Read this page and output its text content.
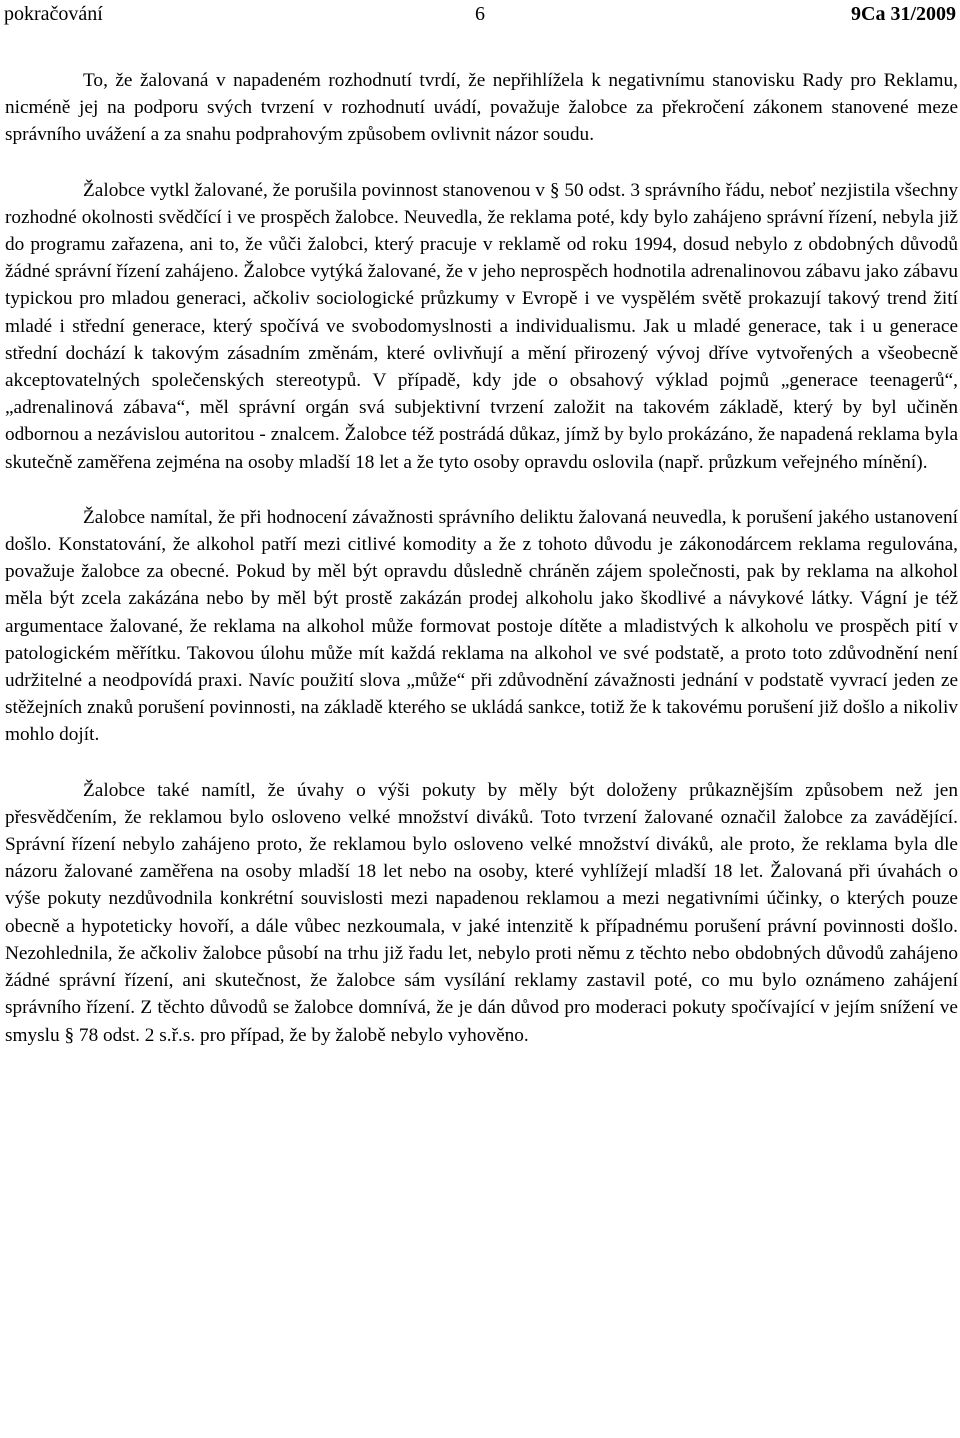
pokračování	6	9Ca 31/2009

To, že žalovaná v napadeném rozhodnutí tvrdí, že nepřihlížela k negativnímu stanovisku Rady pro Reklamu, nicméně jej na podporu svých tvrzení v rozhodnutí uvádí, považuje žalobce za překročení zákonem stanovené meze správního uvážení a za snahu podprahovým způsobem ovlivnit názor soudu.

Žalobce vytkl žalované, že porušila povinnost stanovenou v § 50 odst. 3 správního řádu, neboť nezjistila všechny rozhodné okolnosti svědčící i ve prospěch žalobce. Neuvedla, že reklama poté, kdy bylo zahájeno správní řízení, nebyla již do programu zařazena, ani to, že vůči žalobci, který pracuje v reklamě od roku 1994, dosud nebylo z obdobných důvodů žádné správní řízení zahájeno. Žalobce vytýká žalované, že v jeho neprospěch hodnotila adrenalinovou zábavu jako zábavu typickou pro mladou generaci, ačkoliv sociologické průzkumy v Evropě i ve vyspělém světě prokazují takový trend žití mladé i střední generace, který spočívá ve svobodomyslnosti a individualismu. Jak u mladé generace, tak i u generace střední dochází k takovým zásadním změnám, které ovlivňují a mění přirozený vývoj dříve vytvořených a všeobecně akceptovatelných společenských stereotypů. V případě, kdy jde o obsahový výklad pojmů „generace teenagerů“, „adrenalinová zábava“, měl správní orgán svá subjektivní tvrzení založit na takovém základě, který by byl učiněn odbornou a nezávislou autoritou - znalcem. Žalobce též postrádá důkaz, jímž by bylo prokázáno, že napadená reklama byla skutečně zaměřena zejména na osoby mladší 18 let a že tyto osoby opravdu oslovila (např. průzkum veřejného mínění).

Žalobce namítal, že při hodnocení závažnosti správního deliktu žalovaná neuvedla, k porušení jakého ustanovení došlo. Konstatování, že alkohol patří mezi citlivé komodity a že z tohoto důvodu je zákonodárcem reklama regulována, považuje žalobce za obecné. Pokud by měl být opravdu důsledně chráněn zájem společnosti, pak by reklama na alkohol měla být zcela zakázána nebo by měl být prostě zakázán prodej alkoholu jako škodlivé a návykové látky. Vágní je též argumentace žalované, že reklama na alkohol může formovat postoje dítěte a mladistvých k alkoholu ve prospěch pití v patologickém měřítku. Takovou úlohu může mít každá reklama na alkohol ve své podstatě, a proto toto zdůvodnění není udržitelné a neodpovídá praxi. Navíc použití slova „může“ při zdůvodnění závažnosti jednání v podstatě vyvrací jeden ze stěžejních znaků porušení povinnosti, na základě kterého se ukládá sankce, totiž že k takovému porušení již došlo a nikoliv mohlo dojít.

Žalobce také namítl, že úvahy o výši pokuty by měly být doloženy průkaznějším způsobem než jen přesvědčením, že reklamou bylo osloveno velké množství diváků. Toto tvrzení žalované označil žalobce za zavádějící. Správní řízení nebylo zahájeno proto, že reklamou bylo osloveno velké množství diváků, ale proto, že reklama byla dle názoru žalované zaměřena na osoby mladší 18 let nebo na osoby, které vyhlížejí mladší 18 let. Žalovaná při úvahách o výše pokuty nezdůvodnila konkrétní souvislosti mezi napadenou reklamou a mezi negativními účinky, o kterých pouze obecně a hypoteticky hovoří, a dále vůbec nezkoumala, v jaké intenzitě k případnému porušení právní povinnosti došlo. Nezohlednila, že ačkoliv žalobce působí na trhu již řadu let, nebylo proti němu z těchto nebo obdobných důvodů zahájeno žádné správní řízení, ani skutečnost, že žalobce sám vysílání reklamy zastavil poté, co mu bylo oznámeno zahájení správního řízení. Z těchto důvodů se žalobce domnívá, že je dán důvod pro moderaci pokuty spočívající v jejím snížení ve smyslu § 78 odst. 2 s.ř.s. pro případ, že by žalobě nebylo vyhověno.
